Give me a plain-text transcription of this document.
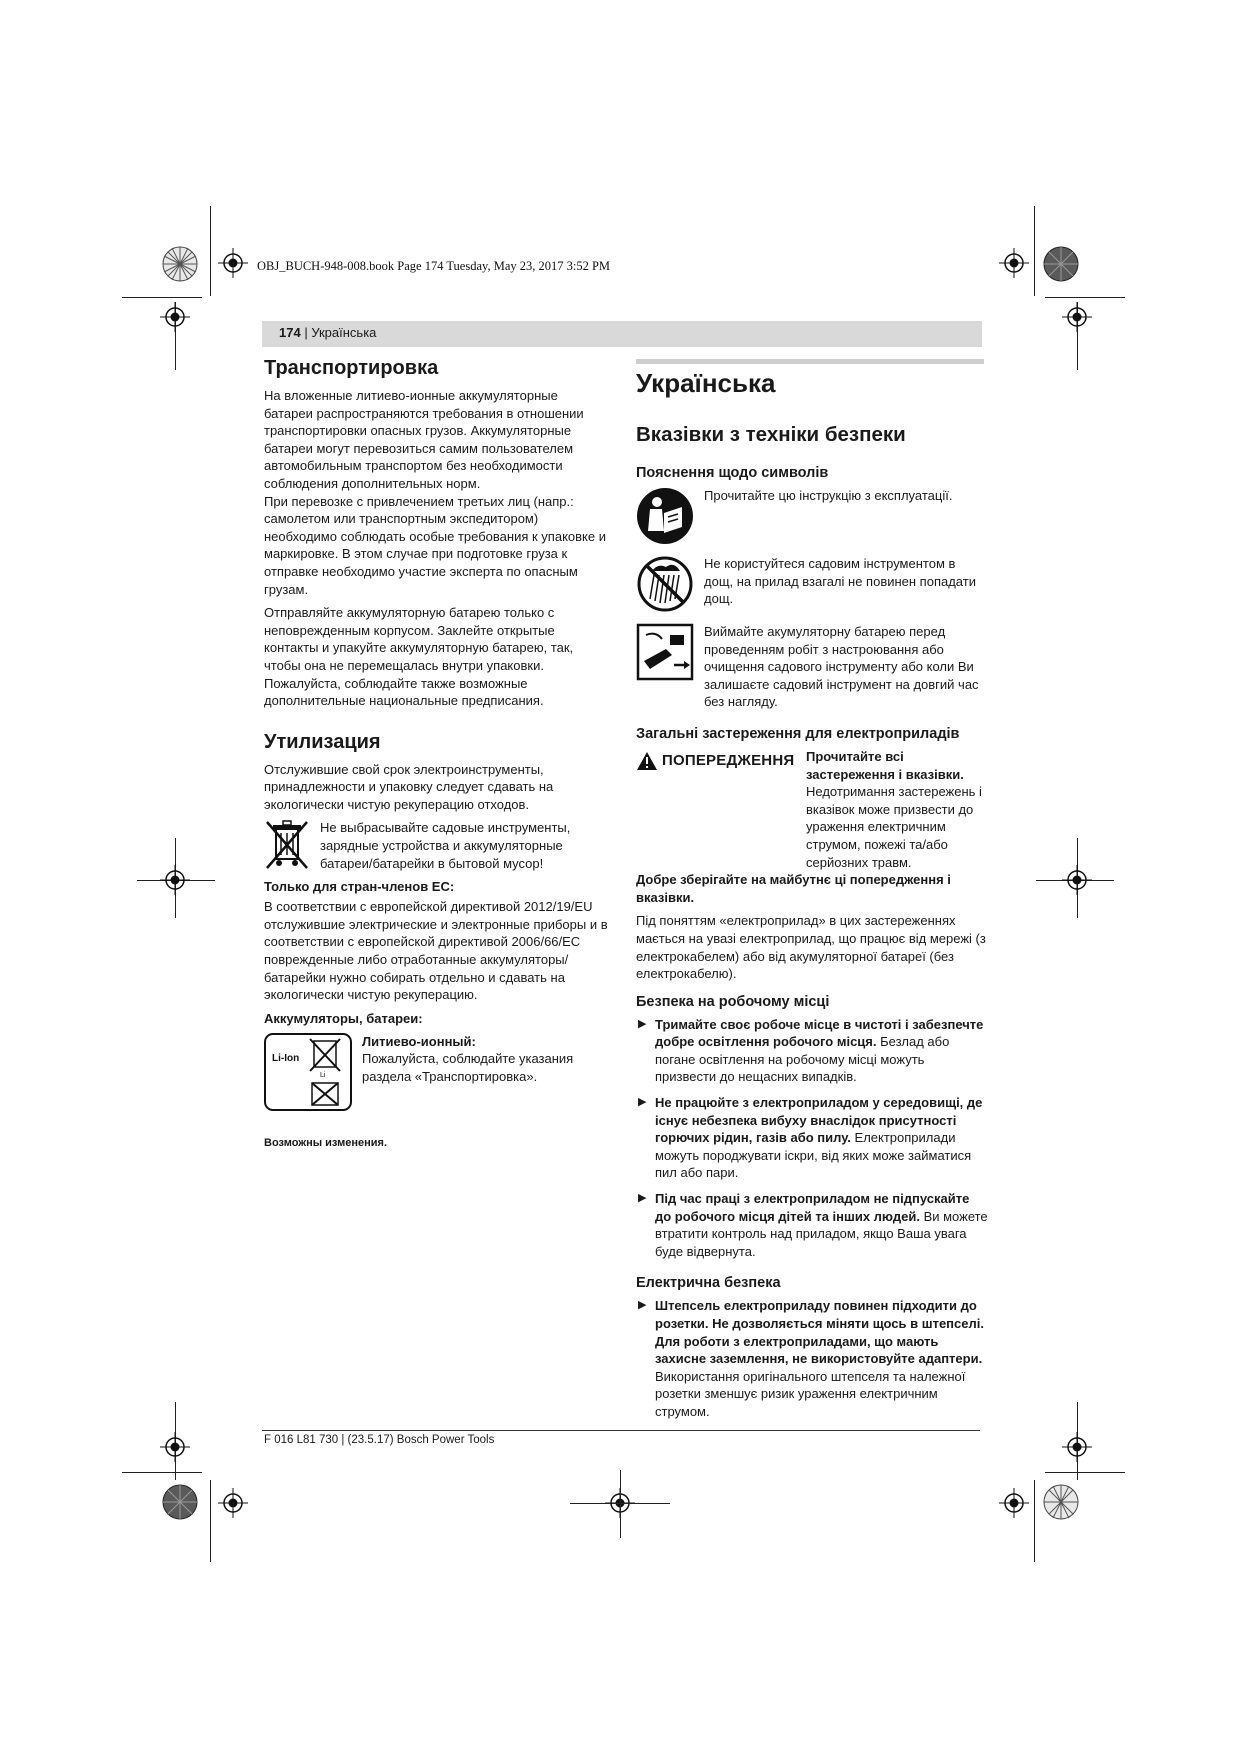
OBJ_BUCH-948-008.book Page 174 Tuesday, May 23, 2017 3:52 PM
174 | Українська
Транспортировка

На вложенные литиево-ионные аккумуляторные батареи распространяются требования в отношении транспортировки опасных грузов. Аккумуляторные батареи могут перевозиться самим пользователем автомобильным транспортом без необходимости соблюдения дополнительных норм.

При перевозке с привлечением третьих лиц (напр.: самолетом или транспортным экспедитором) необходимо соблюдать особые требования к упаковке и маркировке. В этом случае при подготовке груза к отправке необходимо участие эксперта по опасным грузам.

Отправляйте аккумуляторную батарею только с неповрежденным корпусом. Заклейте открытые контакты и упакуйте аккумуляторную батарею, так, чтобы она не перемещалась внутри упаковки.

Пожалуйста, соблюдайте также возможные дополнительные национальные предписания.

Утилизация

Отслужившие свой срок электроинструменты, принадлежности и упаковку следует сдавать на экологически чистую рекуперацию отходов.

Не выбрасывайте садовые инструменты, зарядные устройства и аккумуляторные батареи/батарейки в бытовой мусор!

Только для стран-членов ЕС:

В соответствии с европейской директивой 2012/19/EU отслужившие электрические и электронные приборы и в соответствии с европейской директивой 2006/66/EC поврежденные либо отработанные аккумуляторы/батарейки нужно собирать отдельно и сдавать на экологически чистую рекуперацию.

Аккумуляторы, батареи:
Li-Ion
Li
Литиево-ионный:

Пожалуйста, соблюдайте указания раздела «Транспортировка».

Возможны изменения.
Українська
Вказівки з техніки безпеки
Пояснення щодо символів

Прочитайте цю інструкцію з експлуатації.

Не користуйтеся садовим інструментом в дощ, на прилад взагалі не повинен попадати дощ.

Виймайте акумуляторну батарею перед проведенням робіт з настроювання або очищення садового інструменту або коли Ви залишаєте садовий інструмент на довгий час без нагляду.

Загальні застереження для електроприладів
ПОПЕРЕДЖЕННЯ Прочитайте всі застереження і вказівки. Недотримання застережень і вказівок може призвести до ураження електричним струмом, пожежі та/або серйозних травм.

Добре зберігайте на майбутнє ці попередження і вказівки.

Під поняттям «електроприлад» в цих застереженнях мається на увазі електроприлад, що працює від мережі (з електрокабелем) або від акумуляторної батареї (без електрокабелю).

Безпека на робочому місці
▶ Тримайте своє робоче місце в чистоті і забезпечте добре освітлення робочого місця. Безлад або погане освітлення на робочому місці можуть призвести до нещасних випадків.
▶ Не працюйте з електроприладом у середовищі, де існує небезпека вибуху внаслідок присутності горючих рідин, газів або пилу. Електроприлади можуть породжувати іскри, від яких може займатися пил або пари.
▶ Під час праці з електроприладом не підпускайте до робочого місця дітей та інших людей. Ви можете втратити контроль над приладом, якщо Ваша увага буде відвернута.
Електрична безпека
▶ Штепсель електроприладу повинен підходити до розетки. Не дозволяється міняти щось в штепселі. Для роботи з електроприладами, що мають захисне заземлення, не використовуйте адаптери.
Використання оригінального штепселя та належної розетки зменшує ризик ураження електричним струмом.
F 016 L81 730 | (23.5.17) Bosch Power Tools
